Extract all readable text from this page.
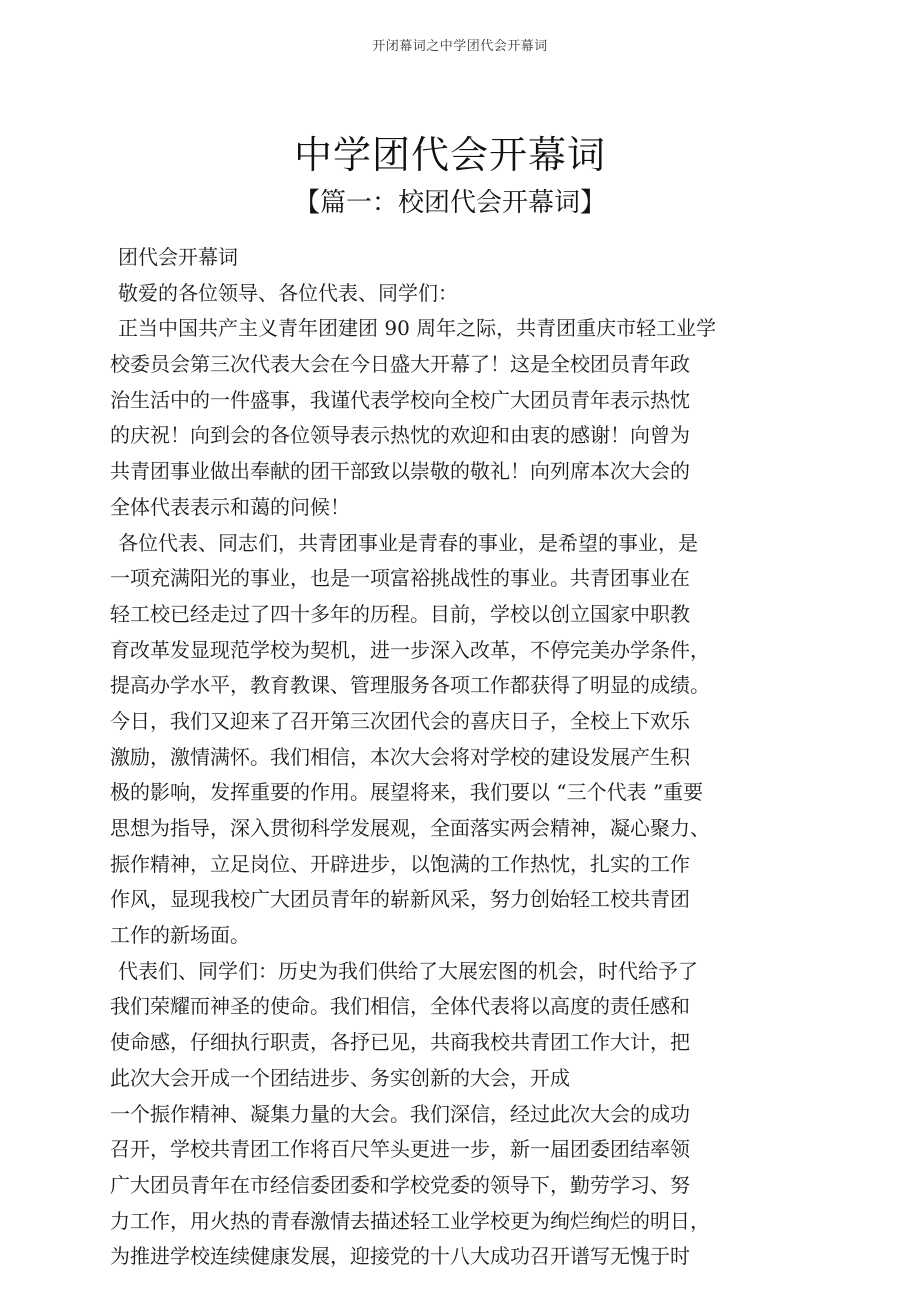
开闭幕词之中学团代会开幕词
中学团代会开幕词
【篇一：校团代会开幕词】
团代会开幕词
敬爱的各位领导、各位代表、同学们：
正当中国共产主义青年团建团 90 周年之际，共青团重庆市轻工业学
校委员会第三次代表大会在今日盛大开幕了！这是全校团员青年政
治生活中的一件盛事，我谨代表学校向全校广大团员青年表示热忱
的庆祝！向到会的各位领导表示热忱的欢迎和由衷的感谢！向曾为
共青团事业做出奉献的团干部致以崇敬的敬礼！向列席本次大会的
全体代表表示和蔼的问候！
各位代表、同志们，共青团事业是青春的事业，是希望的事业，是
一项充满阳光的事业，也是一项富裕挑战性的事业。共青团事业在
轻工校已经走过了四十多年的历程。目前，学校以创立国家中职教
育改革发显现范学校为契机，进一步深入改革，不停完美办学条件，
提高办学水平，教育教课、管理服务各项工作都获得了明显的成绩。
今日，我们又迎来了召开第三次团代会的喜庆日子，全校上下欢乐
激励，激情满怀。我们相信，本次大会将对学校的建设发展产生积
极的影响，发挥重要的作用。展望将来，我们要以 “三个代表 ”重要
思想为指导，深入贯彻科学发展观，全面落实两会精神，凝心聚力、
振作精神，立足岗位、开辟进步，以饱满的工作热忱，扎实的工作
作风，显现我校广大团员青年的崭新风采，努力创始轻工校共青团
工作的新场面。
代表们、同学们：历史为我们供给了大展宏图的机会，时代给予了
我们荣耀而神圣的使命。我们相信，全体代表将以高度的责任感和
使命感，仔细执行职责，各抒已见，共商我校共青团工作大计，把
此次大会开成一个团结进步、务实创新的大会，开成
一个振作精神、凝集力量的大会。我们深信，经过此次大会的成功
召开，学校共青团工作将百尺竿头更进一步，新一届团委团结率领
广大团员青年在市经信委团委和学校党委的领导下，勤劳学习、努
力工作，用火热的青春激情去描述轻工业学校更为绚烂绚烂的明日，
为推进学校连续健康发展，迎接党的十八大成功召开谱写无愧于时
